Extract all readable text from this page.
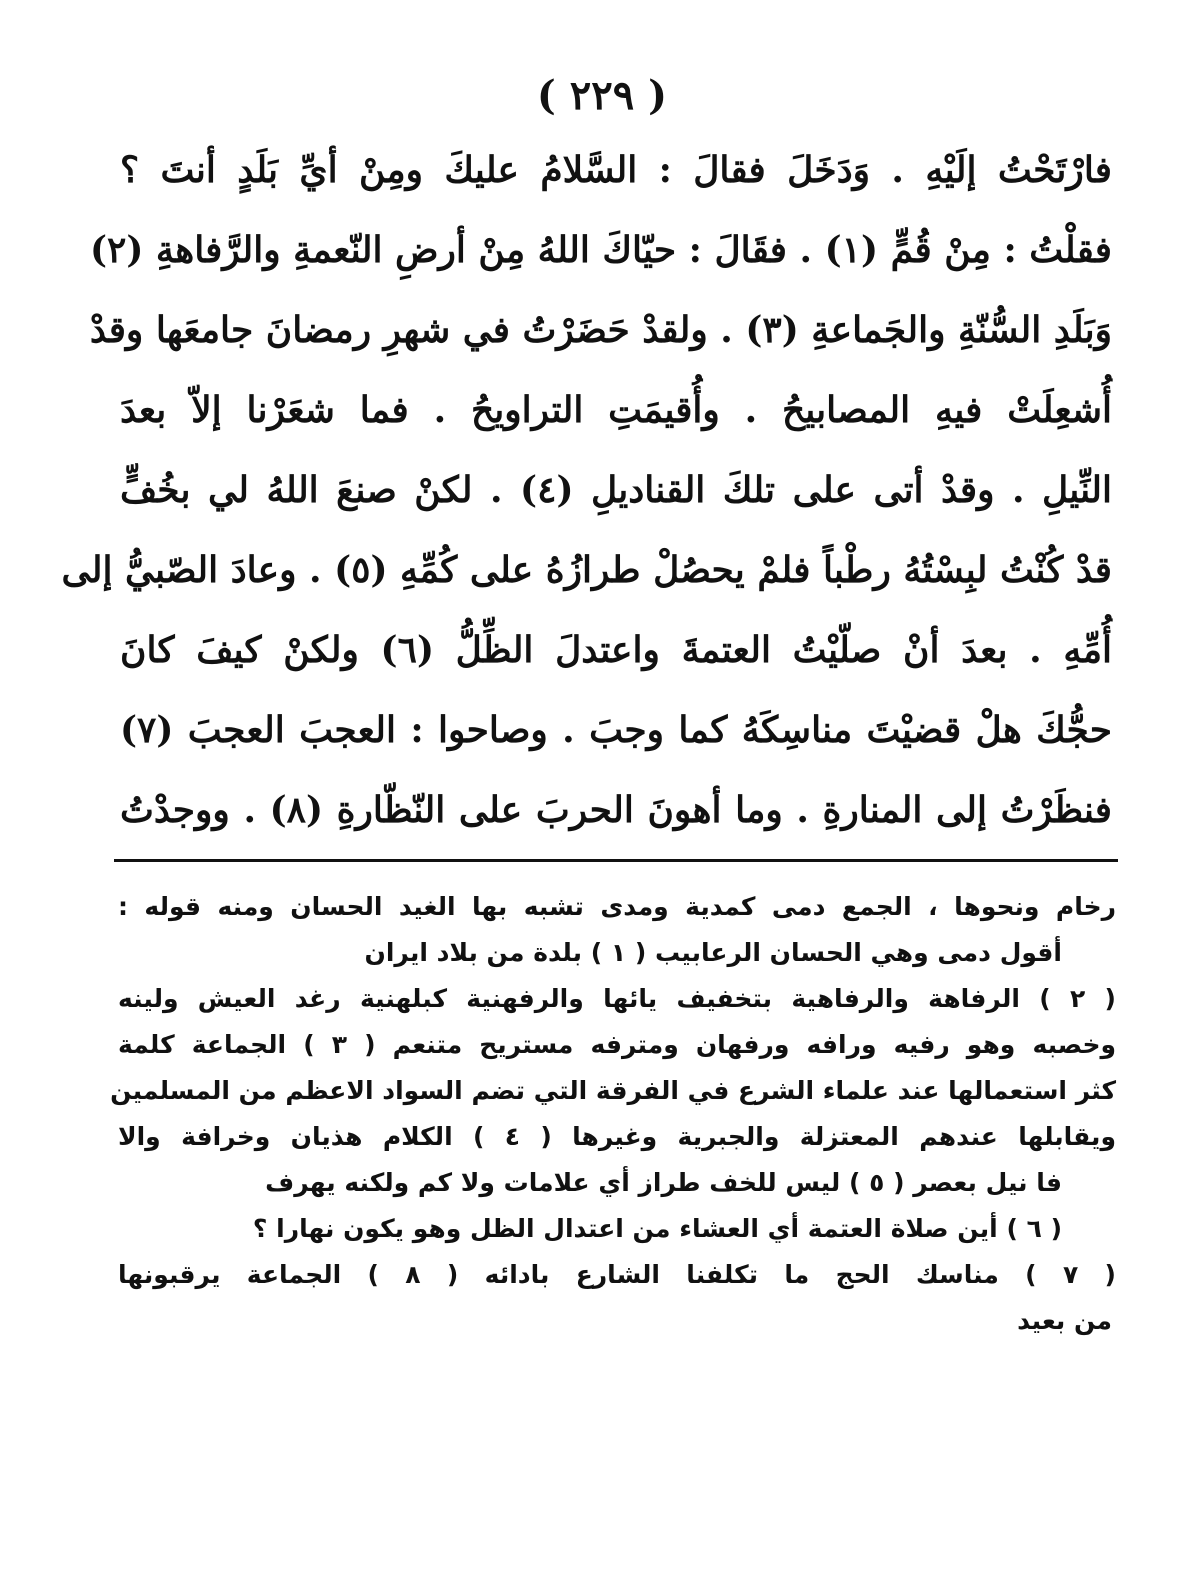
( ٢٢٩ )
فارْتَحْتُ إلَيْهِ . وَدَخَلَ فقالَ : السَّلامُ عليكَ ومِنْ أيِّ بَلَدٍ أنتَ ؟
فقلْتُ : مِنْ قُمٍّ (١) . فقَالَ : حيّاكَ اللهُ مِنْ أرضِ النّعمةِ والرَّفاهةِ (٢)
وَبَلَدِ السُّنّةِ والجَماعةِ (٣) . ولقدْ حَضَرْتُ في شهرِ رمضانَ جامعَها وقدْ
أُشعِلَتْ فيهِ المصابيحُ . وأُقيمَتِ التراويحُ . فما شعَرْنا إلاّ بعدَ
النِّيلِ . وقدْ أتى على تلكَ القناديلِ (٤) . لكنْ صنعَ اللهُ لي بخُفٍّ
قدْ كُنْتُ لبِسْتُهُ رطْباً فلمْ يحصُلْ طرازُهُ على كُمِّهِ (٥) . وعادَ الصّبيُّ إلى
أُمِّهِ . بعدَ أنْ صلّيْتُ العتمةَ واعتدلَ الظِّلُّ (٦) ولكنْ كيفَ كانَ
حجُّكَ هلْ قضيْتَ مناسِكَهُ كما وجبَ . وصاحوا : العجبَ العجبَ (٧)
فنظَرْتُ إلى المنارةِ . وما أهونَ الحربَ على النّظّارةِ (٨) . ووجدْتُ
رخام ونحوها ، الجمع دمى كمدية ومدى تشبه بها الغيد الحسان ومنه قوله :
أقول دمى وهي الحسان الرعابيب ( ١ ) بلدة من بلاد ايران
( ٢ ) الرفاهة والرفاهية بتخفيف يائها والرفهنية كبلهنية رغد العيش ولينه
وخصبه وهو رفيه ورافه ورفهان ومترفه مستريح متنعم ( ٣ ) الجماعة كلمة
كثر استعمالها عند علماء الشرع في الفرقة التي تضم السواد الاعظم من المسلمين
ويقابلها عندهم المعتزلة والجبرية وغيرها ( ٤ ) الكلام هذيان وخرافة والا
فا نيل بعصر ( ٥ ) ليس للخف طراز أي علامات ولا كم ولكنه يهرف
( ٦ ) أين صلاة العتمة أي العشاء من اعتدال الظل وهو يكون نهارا ؟
( ٧ ) مناسك الحج ما تكلفنا الشارع بادائه ( ٨ ) الجماعة يرقبونها
من بعيد
